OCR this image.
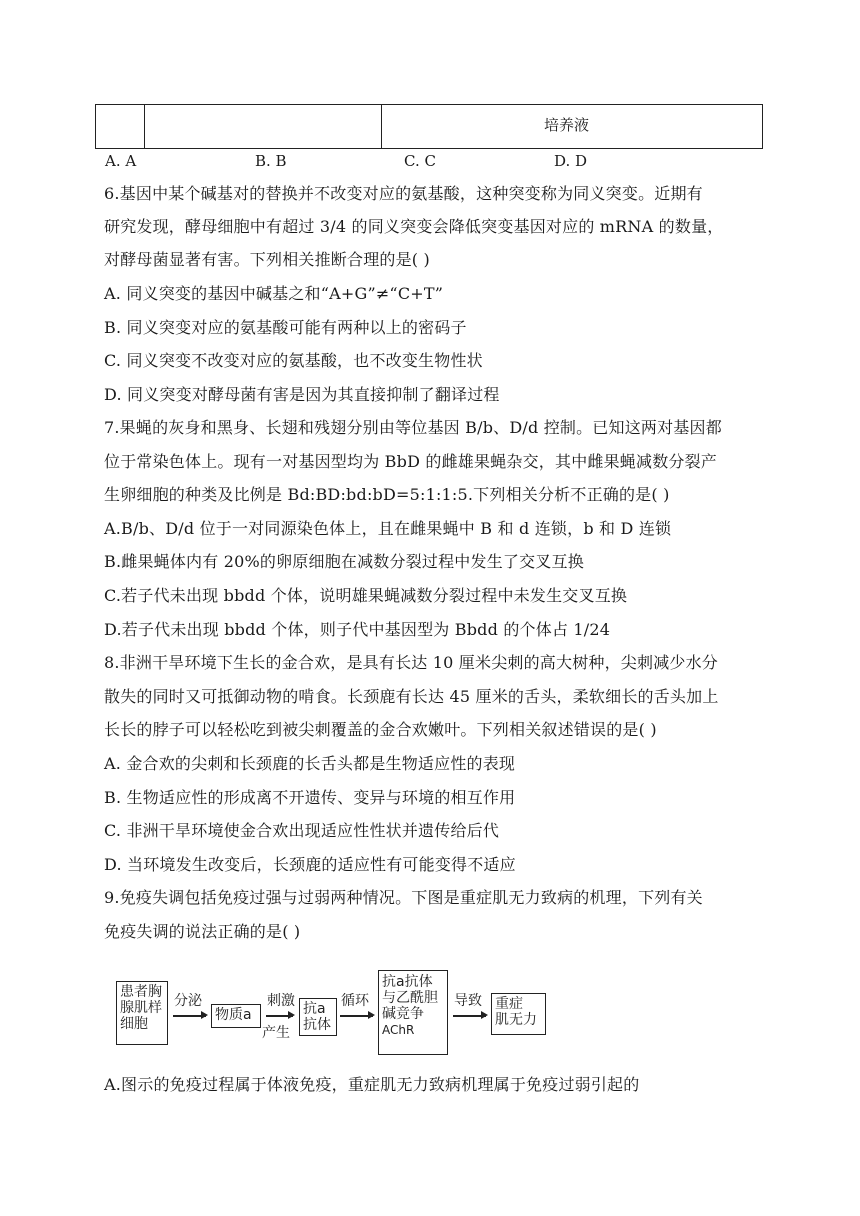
培养液
A. A	B. B	C. C	D. D
6.基因中某个碱基对的替换并不改变对应的氨基酸，这种突变称为同义突变。近期有
研究发现，酵母细胞中有超过 3/4 的同义突变会降低突变基因对应的 mRNA 的数量，
对酵母菌显著有害。下列相关推断合理的是( )
A. 同义突变的基因中碱基之和“A+G”≠“C+T”
B. 同义突变对应的氨基酸可能有两种以上的密码子
C. 同义突变不改变对应的氨基酸，也不改变生物性状
D. 同义突变对酵母菌有害是因为其直接抑制了翻译过程
7.果蝇的灰身和黑身、长翅和残翅分别由等位基因 B/b、D/d 控制。已知这两对基因都
位于常染色体上。现有一对基因型均为 BbD 的雌雄果蝇杂交，其中雌果蝇减数分裂产
生卵细胞的种类及比例是 Bd:BD:bd:bD=5:1:1:5.下列相关分析不正确的是( )
A.B/b、D/d 位于一对同源染色体上，且在雌果蝇中 B 和 d 连锁，b 和 D 连锁
B.雌果蝇体内有 20%的卵原细胞在减数分裂过程中发生了交叉互换
C.若子代未出现 bbdd 个体，说明雄果蝇减数分裂过程中未发生交叉互换
D.若子代未出现 bbdd 个体，则子代中基因型为 Bbdd 的个体占 1/24
8.非洲干旱环境下生长的金合欢，是具有长达 10 厘米尖刺的高大树种，尖刺减少水分
散失的同时又可抵御动物的啃食。长颈鹿有长达 45 厘米的舌头，柔软细长的舌头加上
长长的脖子可以轻松吃到被尖刺覆盖的金合欢嫩叶。下列相关叙述错误的是( )
A. 金合欢的尖刺和长颈鹿的长舌头都是生物适应性的表现
B. 生物适应性的形成离不开遗传、变异与环境的相互作用
C. 非洲干旱环境使金合欢出现适应性性状并遗传给后代
D. 当环境发生改变后，长颈鹿的适应性有可能变得不适应
9.免疫失调包括免疫过强与过弱两种情况。下图是重症肌无力致病的机理，下列有关
免疫失调的说法正确的是( )
患者胸
腺肌样
细胞
分泌
物质a
刺激
产生
抗a
抗体
循环
抗a抗体
与乙酰胆
碱竞争
AChR
导致 重症
肌无力
A.图示的免疫过程属于体液免疫，重症肌无力致病机理属于免疫过弱引起的
